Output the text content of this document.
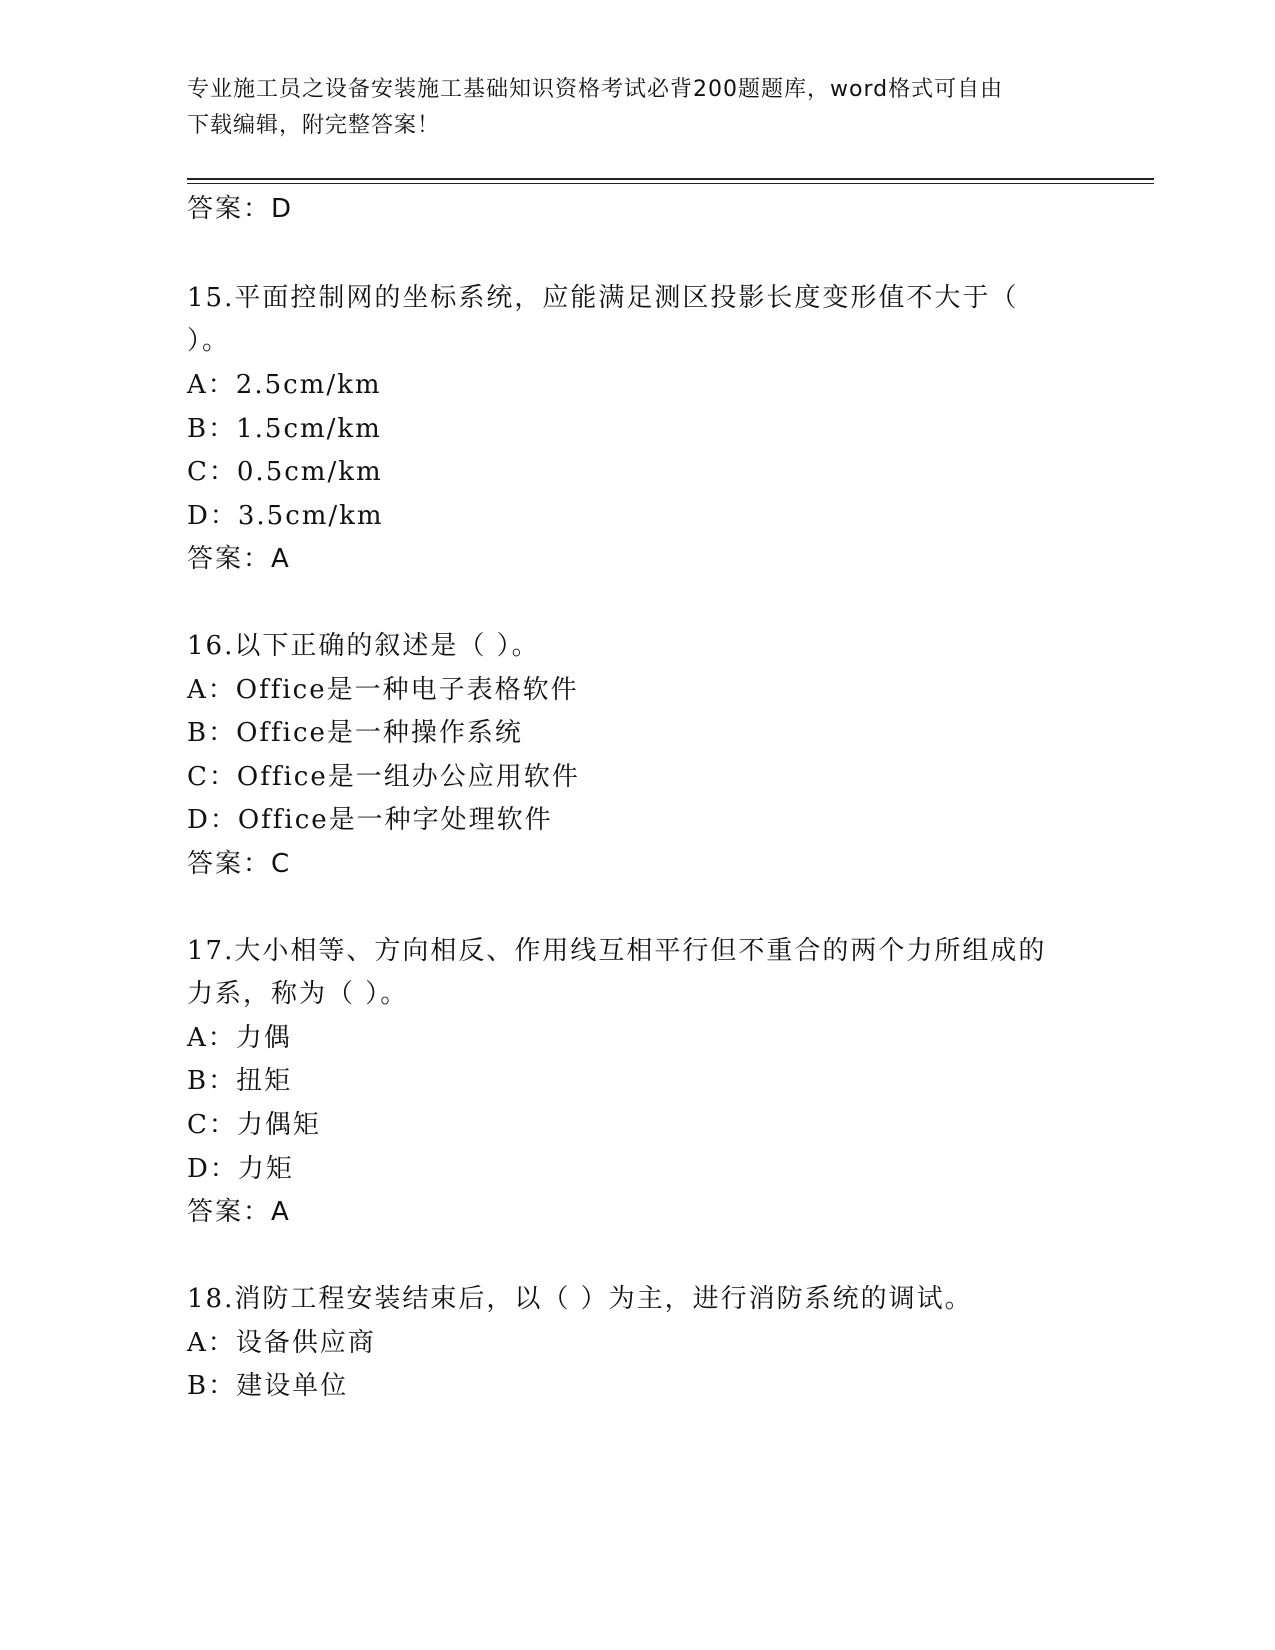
专业施工员之设备安装施工基础知识资格考试必背200题题库，word格式可自由
下载编辑，附完整答案！
答案：D
15.平面控制网的坐标系统，应能满足测区投影长度变形值不大于（
）。
A：2.5cm/km
B：1.5cm/km
C：0.5cm/km
D：3.5cm/km
答案：A
16.以下正确的叙述是（ ）。
A：Office是一种电子表格软件
B：Office是一种操作系统
C：Office是一组办公应用软件
D：Office是一种字处理软件
答案：C
17.大小相等、方向相反、作用线互相平行但不重合的两个力所组成的
力系，称为（ ）。
A：力偶
B：扭矩
C：力偶矩
D：力矩
答案：A
18.消防工程安装结束后，以（ ）为主，进行消防系统的调试。
A：设备供应商
B：建设单位
